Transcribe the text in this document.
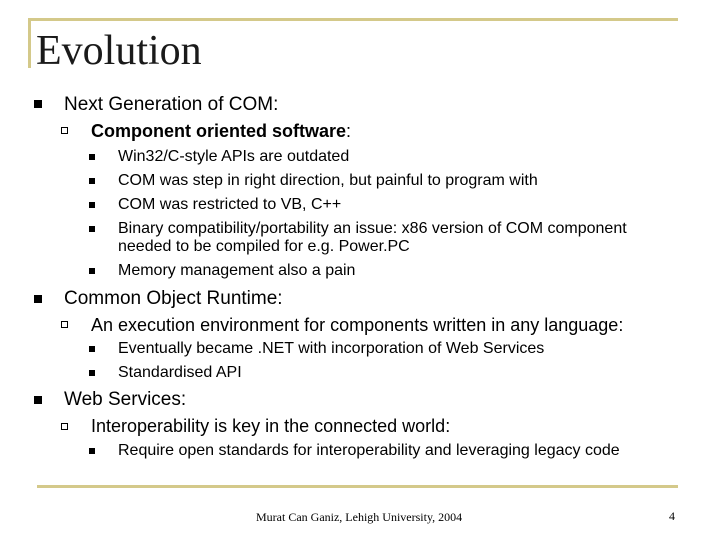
Evolution
Next Generation of COM:
Component oriented software:
Win32/C-style APIs are outdated
COM was step in right direction, but painful to program with
COM was restricted to VB, C++
Binary compatibility/portability an issue: x86 version of COM component
needed to be compiled for e.g. Power.PC
Memory management also a pain
Common Object Runtime:
An execution environment for components written in any language:
Eventually became .NET with incorporation of Web Services
Standardised API
Web Services:
Interoperability is key in the connected world:
Require open standards for interoperability and leveraging legacy code
Murat Can Ganiz, Lehigh University, 2004	4
